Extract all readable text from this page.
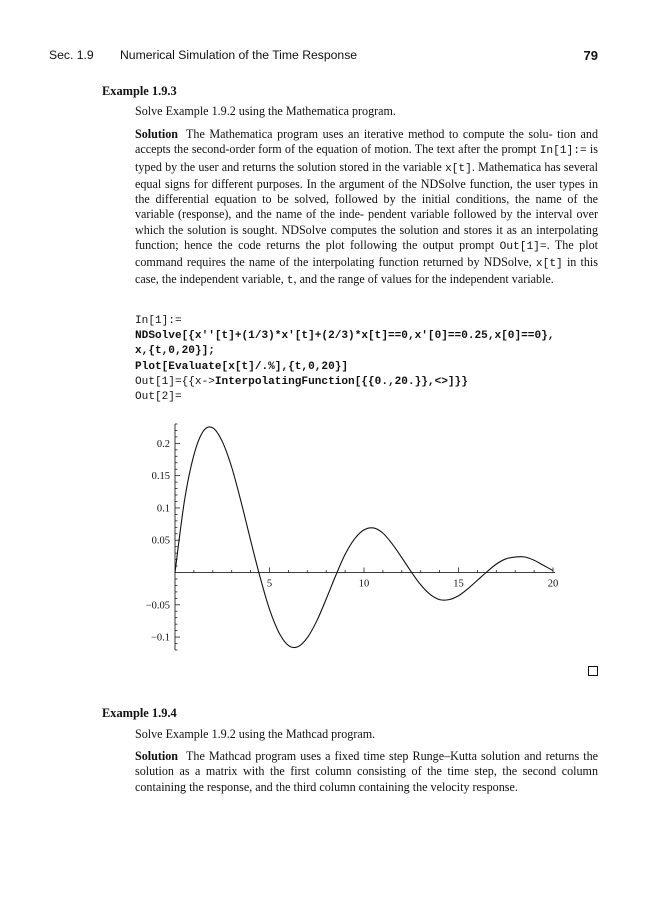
Sec. 1.9 Numerical Simulation of the Time Response	79
Example 1.9.3
Solve Example 1.9.2 using the Mathematica program.
Solution The Mathematica program uses an iterative method to compute the solu- tion and accepts the second-order form of the equation of motion. The text after the prompt In[1]:= is typed by the user and returns the solution stored in the variable x[t]. Mathematica has several equal signs for different purposes. In the argument of the NDSolve function, the user types in the differential equation to be solved, followed by the initial conditions, the name of the variable (response), and the name of the inde- pendent variable followed by the interval over which the solution is sought. NDSolve computes the solution and stores it as an interpolating function; hence the code returns the plot following the output prompt Out[1]=. The plot command requires the name of the interpolating function returned by NDSolve, x[t] in this case, the independent variable, t, and the range of values for the independent variable.
In[1]:=
NDSolve[{x''[t]+(1/3)*x'[t]+(2/3)*x[t]==0,x'[0]==0.25,x[0]==0},
x,{t,0,20}];
Plot[Evaluate[x[t]/.%],{t,0,20}]
Out[1]={{x->InterpolatingFunction[{{0.,20.}},<>]}}
Out[2]=
5	10	15	20
0.2
0.15
0.1
0.05
−0.05
−0.1
Example 1.9.4
Solve Example 1.9.2 using the Mathcad program.
Solution The Mathcad program uses a fixed time step Runge–Kutta solution and returns the solution as a matrix with the first column consisting of the time step, the second column containing the response, and the third column containing the velocity response.
